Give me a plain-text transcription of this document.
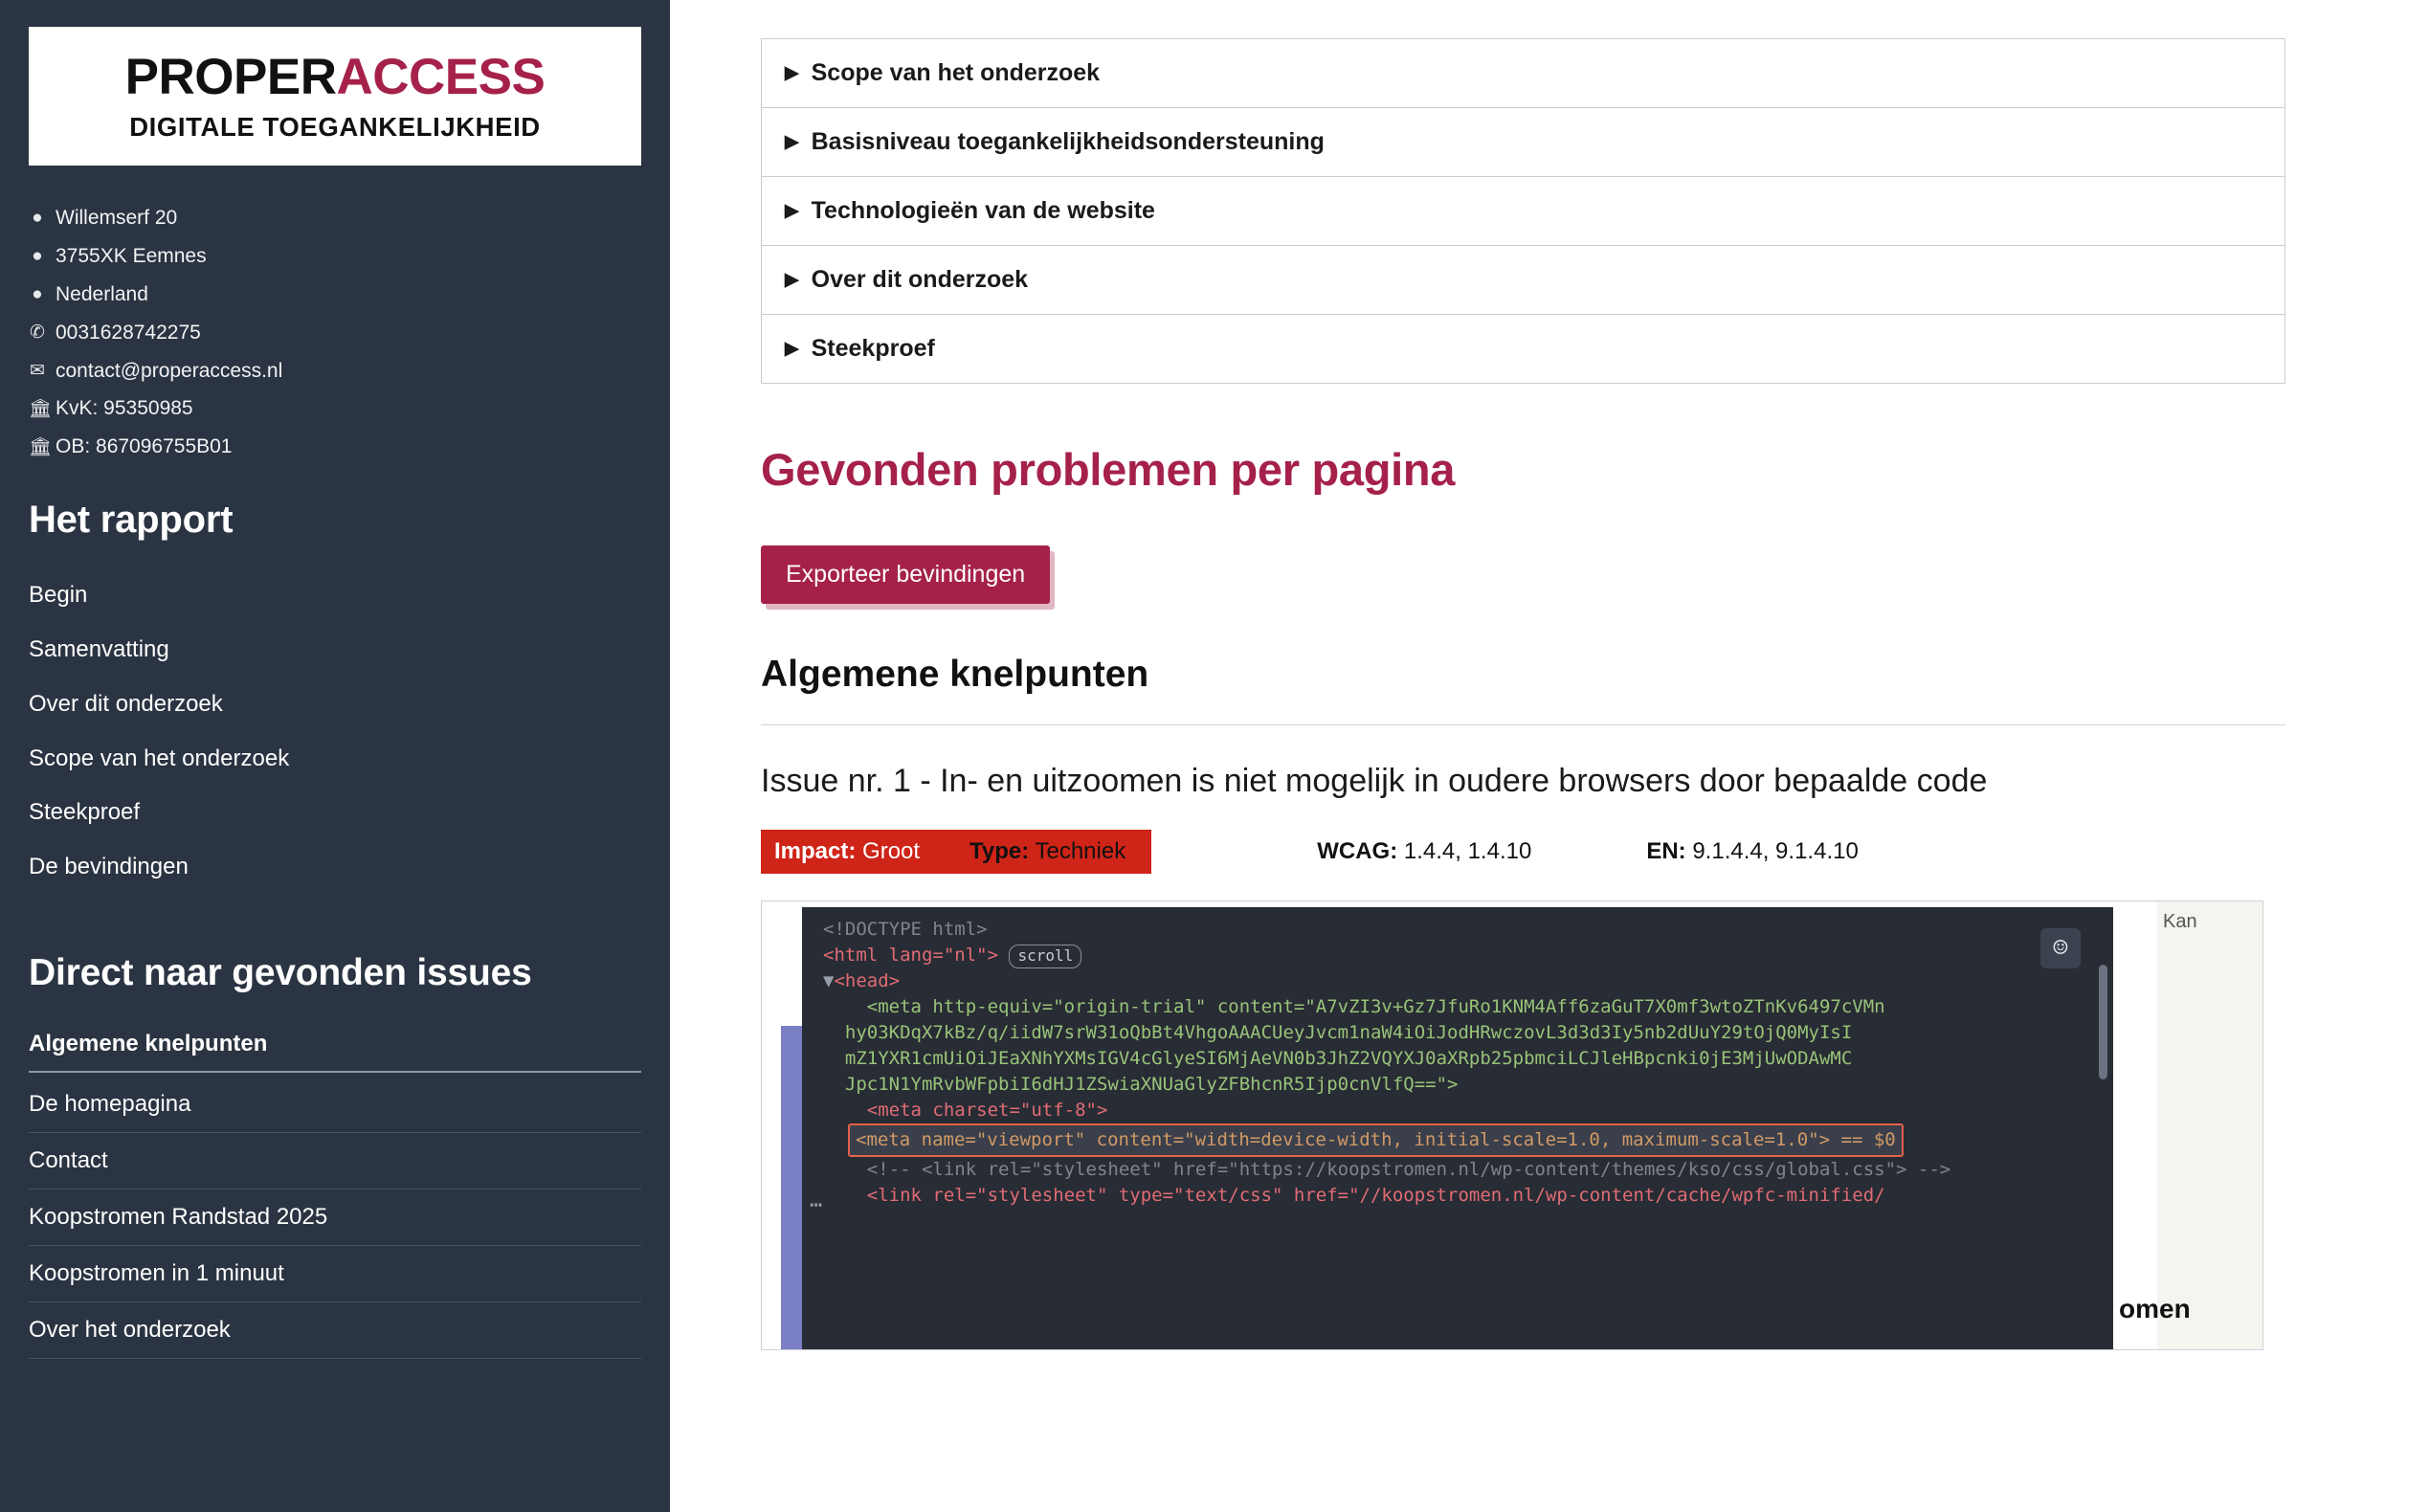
PROPERACCESS
DIGITALE TOEGANKELIJKHEID
● Willemserf 20
● 3755XK Eemnes
● Nederland
✆ 0031628742275
✉ contact@properaccess.nl
🏛 KvK: 95350985
🏛 OB: 867096755B01
Het rapport
Begin
Samenvatting
Over dit onderzoek
Scope van het onderzoek
Steekproef
De bevindingen
Direct naar gevonden issues
Algemene knelpunten
De homepagina
Contact
Koopstromen Randstad 2025
Koopstromen in 1 minuut
Over het onderzoek
▶ Scope van het onderzoek
▶ Basisniveau toegankelijkheidsondersteuning
▶ Technologieën van de website
▶ Over dit onderzoek
▶ Steekproef
Gevonden problemen per pagina
Exporteer bevindingen
Algemene knelpunten
Issue nr. 1 - In- en uitzoomen is niet mogelijk in oudere browsers door bepaalde code
Impact: Groot	Type: Techniek	WCAG: 1.4.4, 1.4.10	EN: 9.1.4.4, 9.1.4.10
Kan
omen
☺
⋯
<!DOCTYPE html>
<html lang="nl"> scroll
▼<head>
<meta http-equiv="origin-trial" content="A7vZI3v+Gz7JfuRo1KNM4Aff6zaGuT7X0mf3wtoZTnKv6497cVMn
hy03KDqX7kBz/q/iidW7srW31oQbBt4VhgoAAACUeyJvcm1naW4iOiJodHRwczovL3d3d3Iy5nb2dUuY29tOjQ0MyIsI
mZ1YXR1cmUiOiJEaXNhYXMsIGV4cGlyeSI6MjAeVN0b3JhZ2VQYXJ0aXRpb25pbmciLCJleHBpcnki0jE3MjUwODAwMC
Jpc1N1YmRvbWFpbiI6dHJ1ZSwiaXNUaGlyZFBhcnR5Ijp0cnVlfQ==">
<meta charset="utf-8">
<meta name="viewport" content="width=device-width, initial-scale=1.0, maximum-scale=1.0"> == $0
<!-- <link rel="stylesheet" href="https://koopstromen.nl/wp-content/themes/kso/css/global.css"> -->
<link rel="stylesheet" type="text/css" href="//koopstromen.nl/wp-content/cache/wpfc-minified/
